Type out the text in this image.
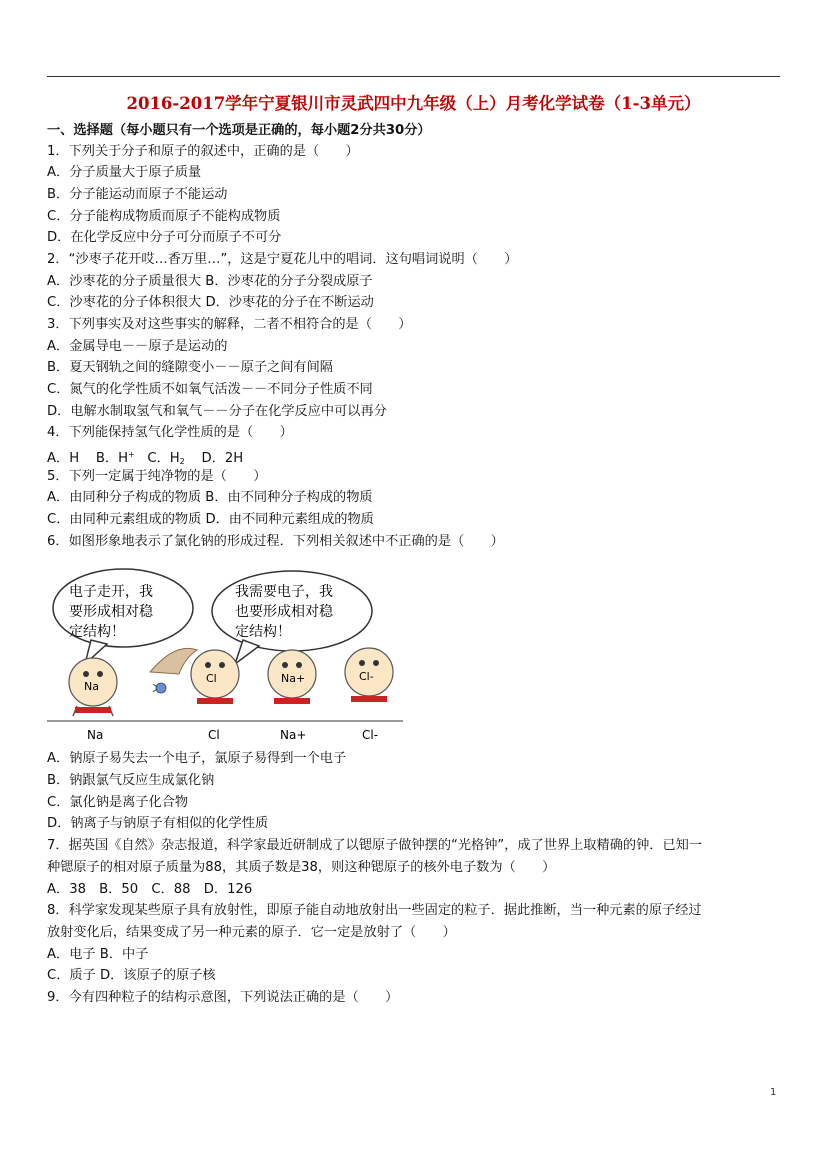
2016-2017学年宁夏银川市灵武四中九年级（上）月考化学试卷（1-3单元）
一、选择题（每小题只有一个选项是正确的，每小题2分共30分）
1．下列关于分子和原子的叙述中，正确的是（　　）
A．分子质量大于原子质量
B．分子能运动而原子不能运动
C．分子能构成物质而原子不能构成物质
D．在化学反应中分子可分而原子不可分
2．“沙枣子花开哎…香万里…”，这是宁夏花儿中的唱词．这句唱词说明（　　）
A．沙枣花的分子质量很大 B．沙枣花的分子分裂成原子
C．沙枣花的分子体积很大 D．沙枣花的分子在不断运动
3．下列事实及对这些事实的解释，二者不相符合的是（　　）
A．金属导电－－原子是运动的
B．夏天钢轨之间的缝隙变小－－原子之间有间隔
C．氮气的化学性质不如氧气活泼－－不同分子性质不同
D．电解水制取氢气和氧气－－分子在化学反应中可以再分
4．下列能保持氢气化学性质的是（　　）
A．H B．H+ C．$H_2$ D．2H
5．下列一定属于纯净物的是（　　）
A．由同种分子构成的物质 B．由不同种分子构成的物质
C．由同种元素组成的物质 D．由不同种元素组成的物质
6．如图形象地表示了氯化钠的形成过程．下列相关叙述中不正确的是（　　）
电子走开，我
要形成相对稳
定结构！
我需要电子，我
也要形成相对稳
定结构！
Na
Cl	Na+	Cl-
Na	Cl	Na+	Cl-
A．钠原子易失去一个电子，氯原子易得到一个电子
B．钠跟氯气反应生成氯化钠
C．氯化钠是离子化合物
D．钠离子与钠原子有相似的化学性质
7．据英国《自然》杂志报道，科学家最近研制成了以锶原子做钟摆的“光格钟”，成了世界上取精确的钟．已知一
种锶原子的相对原子质量为88，其质子数是38，则这种锶原子的核外电子数为（　　）
A．38　B．50　C．88　D．126
8．科学家发现某些原子具有放射性，即原子能自动地放射出一些固定的粒子．据此推断，当一种元素的原子经过
放射变化后，结果变成了另一种元素的原子．它一定是放射了（　　）
A．电子 B．中子
C．质子 D．该原子的原子核
9．今有四种粒子的结构示意图，下列说法正确的是（　　）
1
